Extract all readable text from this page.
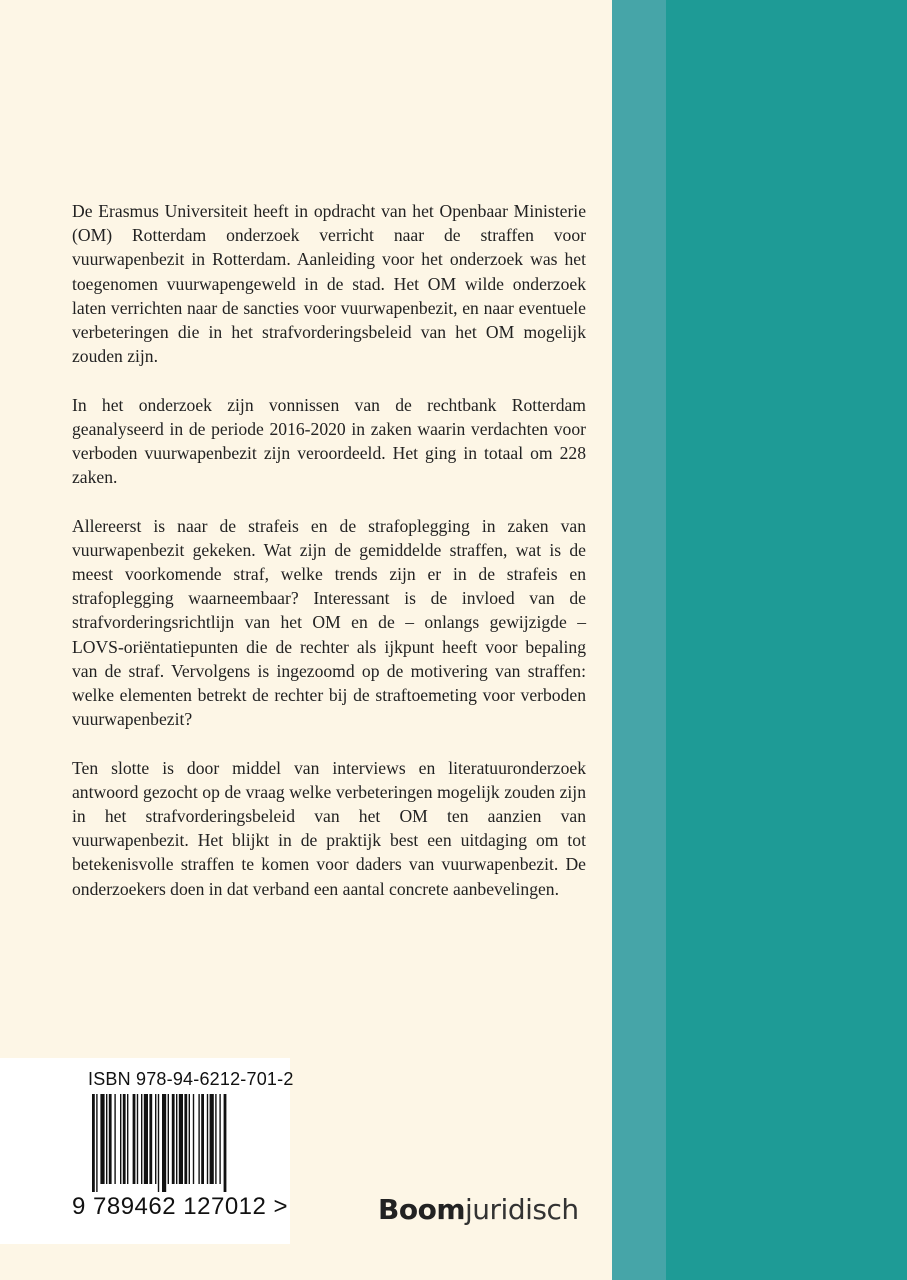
De Erasmus Universiteit heeft in opdracht van het Openbaar Ministerie (OM) Rotterdam onderzoek verricht naar de straffen voor vuurwapenbezit in Rotterdam. Aanleiding voor het onderzoek was het toegenomen vuurwapengeweld in de stad. Het OM wilde onderzoek laten verrichten naar de sancties voor vuurwapenbezit, en naar eventuele verbeteringen die in het strafvorderingsbeleid van het OM mogelijk zouden zijn.

In het onderzoek zijn vonnissen van de rechtbank Rotterdam geanalyseerd in de periode 2016-2020 in zaken waarin verdachten voor verboden vuurwapenbezit zijn veroordeeld. Het ging in totaal om 228 zaken.

Allereerst is naar de strafeis en de strafoplegging in zaken van vuurwapenbezit gekeken. Wat zijn de gemiddelde straffen, wat is de meest voorkomende straf, welke trends zijn er in de strafeis en strafoplegging waarneembaar? Interessant is de invloed van de strafvorderingsrichtlijn van het OM en de – onlangs gewijzigde – LOVS-oriëntatiepunten die de rechter als ijkpunt heeft voor bepaling van de straf. Vervolgens is ingezoomd op de motivering van straffen: welke elementen betrekt de rechter bij de straftoemeting voor verboden vuurwapenbezit?

Ten slotte is door middel van interviews en literatuuronderzoek antwoord gezocht op de vraag welke verbeteringen mogelijk zouden zijn in het strafvorderingsbeleid van het OM ten aanzien van vuurwapenbezit. Het blijkt in de praktijk best een uitdaging om tot betekenisvolle straffen te komen voor daders van vuurwapenbezit. De onderzoekers doen in dat verband een aantal concrete aanbevelingen.

ISBN 978-94-6212-701-2
9 789462 127012 >	Boomjuridisch
